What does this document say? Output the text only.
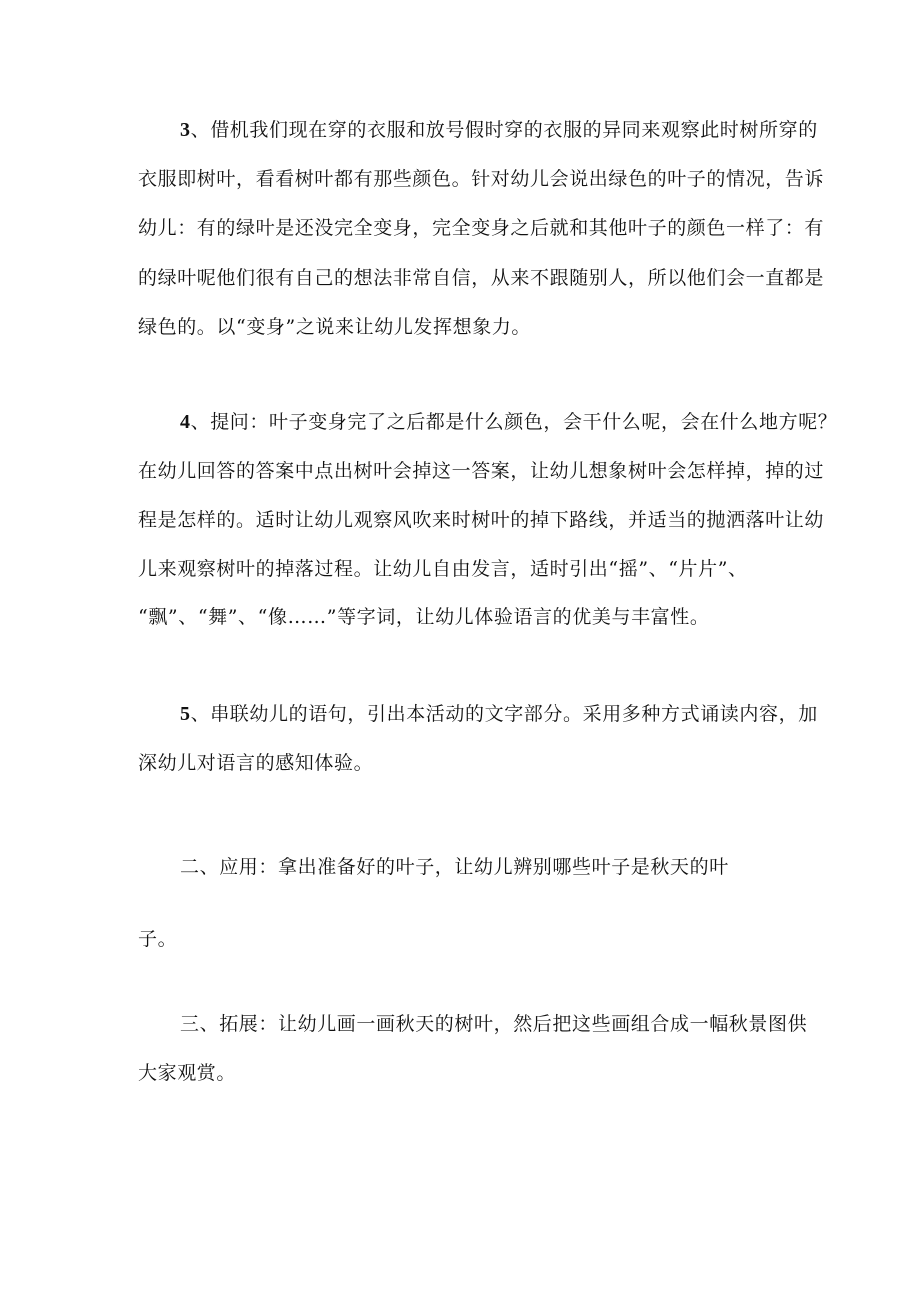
3、借机我们现在穿的衣服和放号假时穿的衣服的异同来观察此时树所穿的
衣服即树叶，看看树叶都有那些颜色。针对幼儿会说出绿色的叶子的情况，告诉
幼儿：有的绿叶是还没完全变身，完全变身之后就和其他叶子的颜色一样了：有
的绿叶呢他们很有自己的想法非常自信，从来不跟随别人，所以他们会一直都是
绿色的。以“变身”之说来让幼儿发挥想象力。
4、提问：叶子变身完了之后都是什么颜色，会干什么呢，会在什么地方呢？
在幼儿回答的答案中点出树叶会掉这一答案，让幼儿想象树叶会怎样掉，掉的过
程是怎样的。适时让幼儿观察风吹来时树叶的掉下路线，并适当的抛洒落叶让幼
儿来观察树叶的掉落过程。让幼儿自由发言，适时引出“摇”、“片片”、
“飘”、“舞”、“像……”等字词，让幼儿体验语言的优美与丰富性。
5、串联幼儿的语句，引出本活动的文字部分。采用多种方式诵读内容，加
深幼儿对语言的感知体验。
二、应用：拿出准备好的叶子，让幼儿辨别哪些叶子是秋天的叶
子。
三、拓展：让幼儿画一画秋天的树叶，然后把这些画组合成一幅秋景图供
大家观赏。
